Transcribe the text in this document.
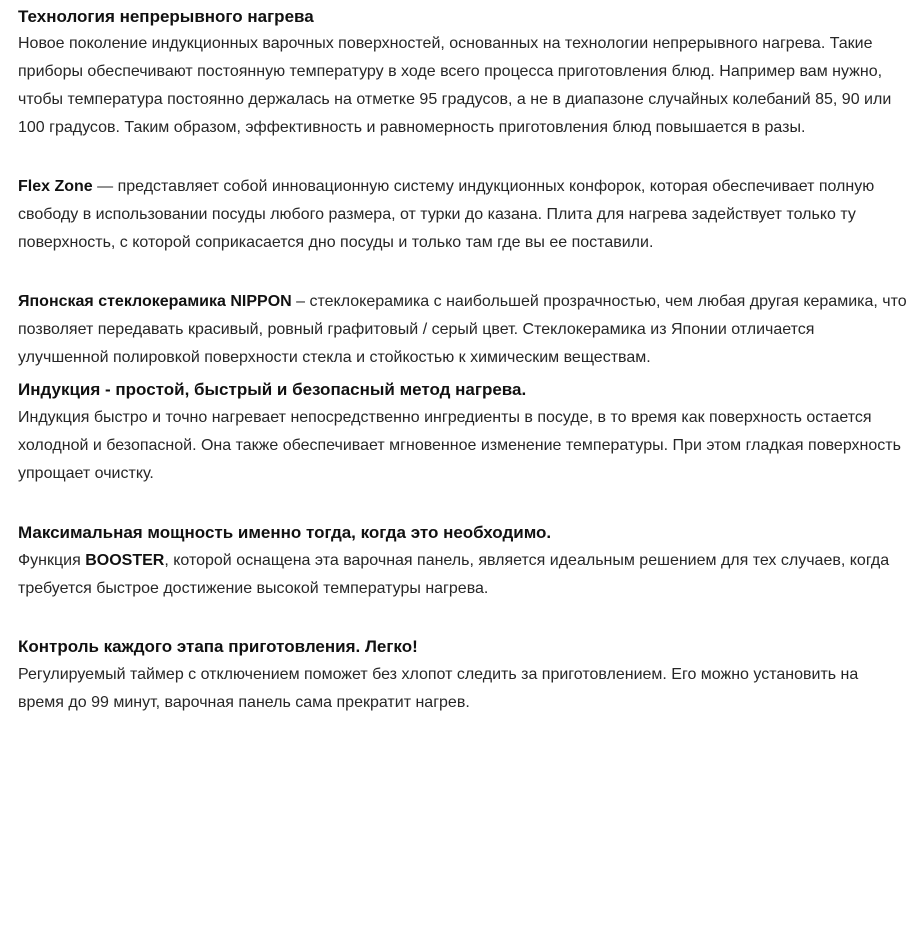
Технология непрерывного нагрева

Новое поколение индукционных варочных поверхностей, основанных на технологии непрерывного нагрева. Такие приборы обеспечивают постоянную температуру в ходе всего процесса приготовления блюд. Например вам нужно, чтобы температура постоянно держалась на отметке 95 градусов, а не в диапазоне случайных колебаний 85, 90 или 100 градусов. Таким образом, эффективность и равномерность приготовления блюд повышается в разы.

Flex Zone — представляет собой инновационную систему индукционных конфорок, которая обеспечивает полную свободу в использовании посуды любого размера, от турки до казана. Плита для нагрева задействует только ту поверхность, с которой соприкасается дно посуды и только там где вы ее поставили.

Японская стеклокерамика NIPPON – стеклокерамика с наибольшей прозрачностью, чем любая другая керамика, что позволяет передавать красивый, ровный графитовый / серый цвет. Стеклокерамика из Японии отличается улучшенной полировкой поверхности стекла и стойкостью к химическим веществам.

Индукция - простой, быстрый и безопасный метод нагрева.

Индукция быстро и точно нагревает непосредственно ингредиенты в посуде, в то время как поверхность остается холодной и безопасной. Она также обеспечивает мгновенное изменение температуры. При этом гладкая поверхность упрощает очистку.

Максимальная мощность именно тогда, когда это необходимо.

Функция BOOSTER, которой оснащена эта варочная панель, является идеальным решением для тех случаев, когда требуется быстрое достижение высокой температуры нагрева.

Контроль каждого этапа приготовления. Легко!

Регулируемый таймер с отключением поможет без хлопот следить за приготовлением. Его можно установить на время до 99 минут, варочная панель сама прекратит нагрев.
